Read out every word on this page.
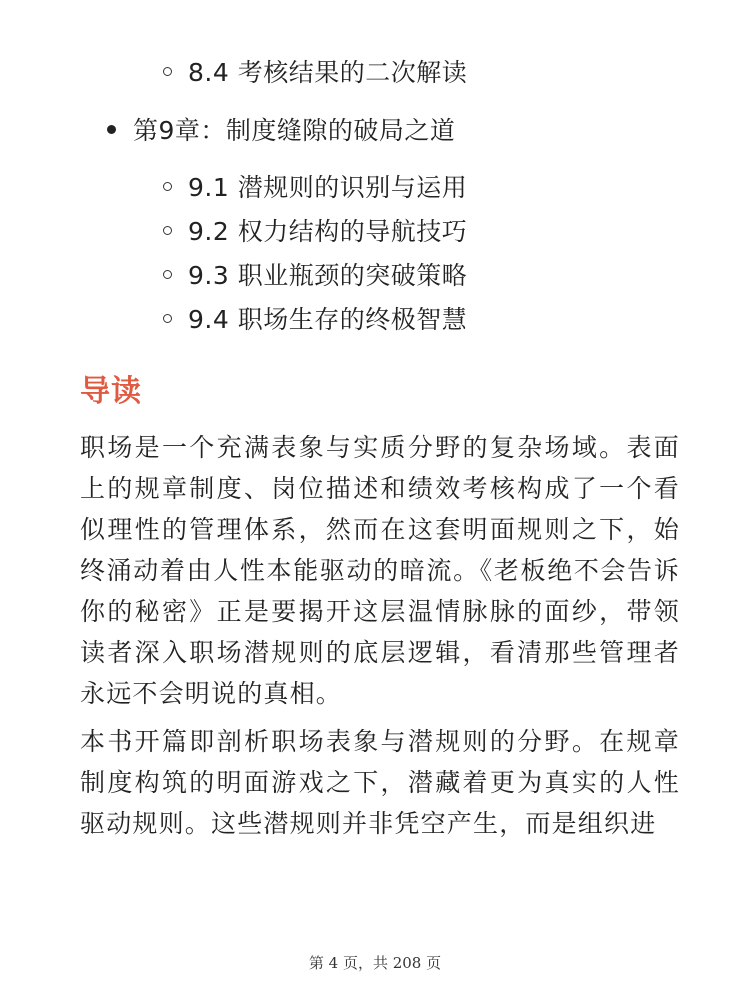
8.4 考核结果的二次解读
第9章：制度缝隙的破局之道
9.1 潜规则的识别与运用
9.2 权力结构的导航技巧
9.3 职业瓶颈的突破策略
9.4 职场生存的终极智慧
导读

职场是一个充满表象与实质分野的复杂场域。表面上的规章制度、岗位描述和绩效考核构成了一个看似理性的管理体系，然而在这套明面规则之下，始终涌动着由人性本能驱动的暗流。《老板绝不会告诉你的秘密》正是要揭开这层温情脉脉的面纱，带领读者深入职场潜规则的底层逻辑，看清那些管理者永远不会明说的真相。

本书开篇即剖析职场表象与潜规则的分野。在规章制度构筑的明面游戏之下，潜藏着更为真实的人性驱动规则。这些潜规则并非凭空产生，而是组织进

第 4 页，共 208 页
